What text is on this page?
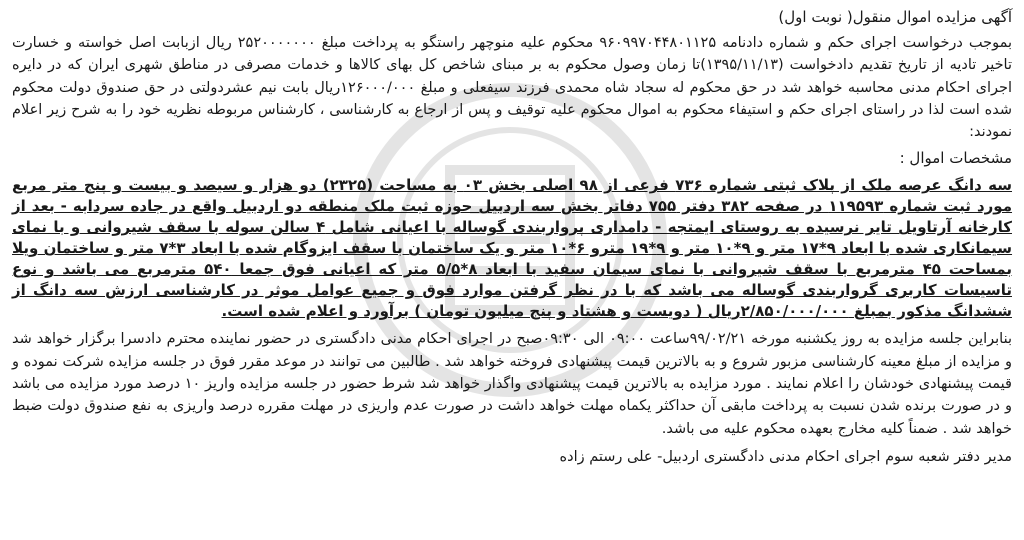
آگهی مزایده اموال منقول( نوبت اول)

بموجب درخواست اجرای حکم و شماره دادنامه ۹۶۰۹۹۷۰۴۴۸۰۱۱۲۵ محکوم علیه منوچهر راستگو به پرداخت مبلغ ۲۵۲۰۰۰۰۰۰۰ ریال ازبابت اصل خواسته و خسارت تاخیر تادیه از تاریخ تقدیم دادخواست (۱۳۹۵/۱۱/۱۳)تا زمان وصول محکوم به بر مبنای شاخص کل بهای کالاها و خدمات مصرفی در مناطق شهری ایران که در دایره اجرای احکام مدنی محاسبه خواهد شد در حق محکوم له سجاد شاه محمدی فرزند سیفعلی و مبلغ ۱۲۶۰۰۰/۰۰۰ریال بابت نیم عشردولتی در حق صندوق دولت محکوم شده است لذا در راستای اجرای حکم و استیفاء محکوم به اموال محکوم علیه توقیف و پس از ارجاع به کارشناسی ، کارشناس مربوطه نظریه خود را به شرح زیر اعلام نمودند:

مشخصات اموال :

سه دانگ عرصه ملک از پلاک ثبتی شماره ۷۳۶ فرعی از ۹۸ اصلی بخش ۰۳ به مساحت (۲۳۲۵) دو هزار و سیصد و بیست و پنج متر مربع مورد ثبت شماره ۱۱۹۵۹۳ در صفحه ۳۸۲ دفتر ۷۵۵ دفاتر بخش سه اردبیل حوزه ثبت ملک منطقه دو اردبیل واقع در جاده سردابه - بعد از کارخانه آرتاویل تایر نرسیده به روستای ایمتجه - دامداری پرواربندی گوساله با اعیانی شامل ۴ سالن سوله با سقف شیروانی و با نمای سیمانکاری شده با ابعاد ۹*۱۷ متر و ۹*۱۰ متر و ۹*۱۹ مترو ۶*۱۰ متر و یک ساختمان با سقف ایزوگام شده با ابعاد ۳*۷ متر و ساختمان ویلا بمساحت ۴۵ مترمربع با سقف شیروانی با نمای سیمان سفید با ابعاد ۸*۵/۵ متر که اعیانی فوق جمعا ۵۴۰ مترمربع می باشد و نوع تاسیسات کاربری گرواربندی گوساله می باشد که با در نظر گرفتن موارد فوق و جمیع عوامل موثر در کارشناسی ارزش سه دانگ از ششدانگ مذکور بمبلغ ۲/۸۵۰/۰۰۰/۰۰۰ریال ( دویست و هشتاد و پنج میلیون تومان ) برآورد و اعلام شده است.

بنابراین جلسه مزایده به روز یکشنبه مورخه ۹۹/۰۲/۲۱ساعت ۰۹:۰۰ الی ۰۹:۳۰صبح در اجرای احکام مدنی دادگستری در حضور نماینده محترم دادسرا برگزار خواهد شد و مزایده از مبلغ معینه کارشناسی مزبور شروع و به بالاترین قیمت پیشنهادی فروخته خواهد شد . طالبین می توانند در موعد مقرر فوق در جلسه مزایده شرکت نموده و قیمت پیشنهادی خودشان را اعلام نمایند . مورد مزایده به بالاترین قیمت پیشنهادی واگذار خواهد شد شرط حضور در جلسه مزایده واریز ۱۰ درصد مورد مزایده می باشد و در صورت برنده شدن نسبت به پرداخت مابقی آن حداکثر یکماه مهلت خواهد داشت در صورت عدم واریزی در مهلت مقرره درصد واریزی به نفع صندوق دولت ضبط خواهد شد . ضمناً کلیه مخارج بعهده محکوم علیه می باشد.

مدیر دفتر شعبه سوم اجرای احکام مدنی دادگستری اردبیل- علی رستم زاده
